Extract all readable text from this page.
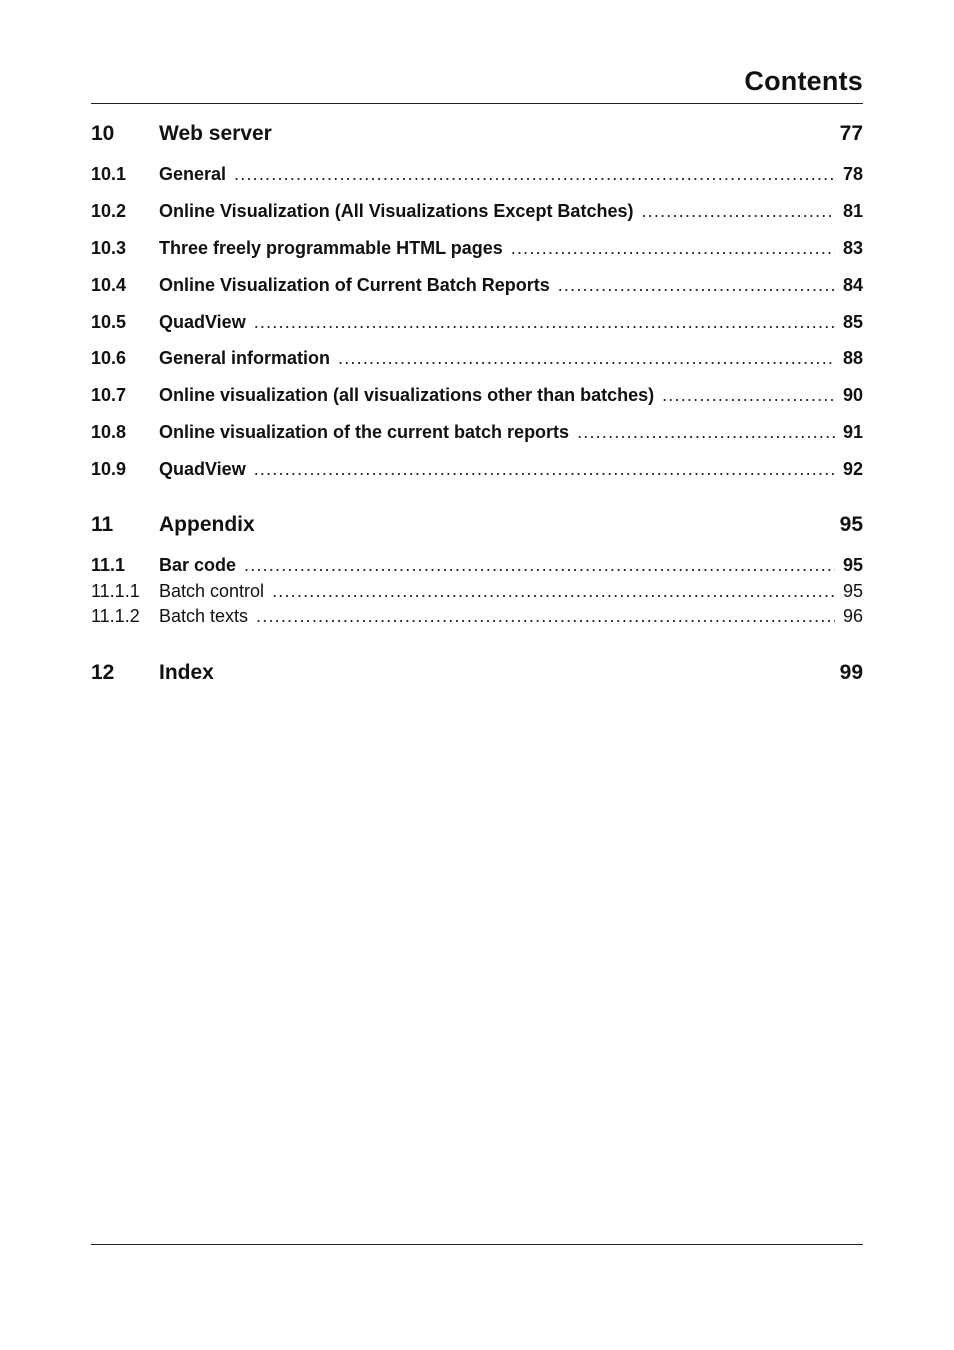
Contents
10	Web server	77
10.1	General .....	78
10.2	Online Visualization (All Visualizations Except Batches) .....	81
10.3	Three freely programmable HTML pages .....	83
10.4	Online Visualization of Current Batch Reports .....	84
10.5	QuadView .....	85
10.6	General information .....	88
10.7	Online visualization (all visualizations other than batches) .....	90
10.8	Online visualization of the current batch reports .....	91
10.9	QuadView .....	92
11	Appendix	95
11.1	Bar code .....	95
11.1.1	Batch control .....	95
11.1.2	Batch texts .....	96
12	Index	99
